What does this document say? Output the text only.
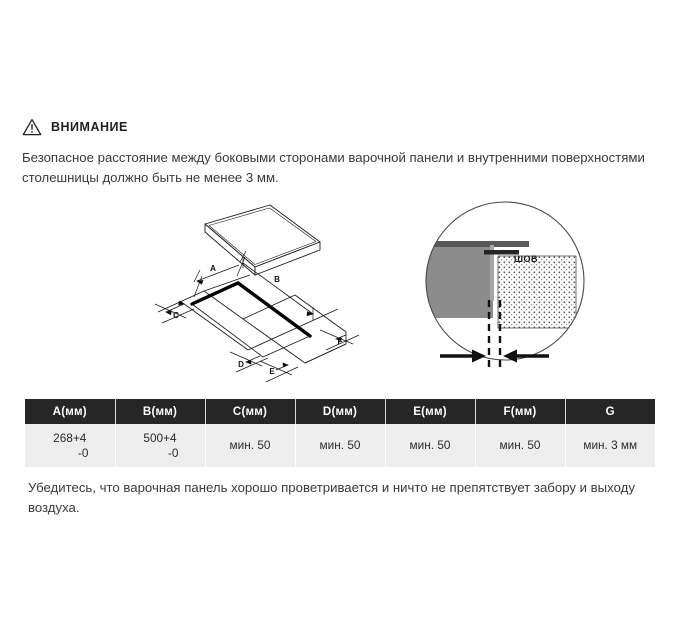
ВНИМАНИЕ
Безопасное расстояние между боковыми сторонами варочной панели и внутренними поверхностями столешницы должно быть не менее 3 мм.
A
B
C
D
E
F
ШОВ
A(мм)	B(мм)	C(мм)	D(мм)	E(мм)	F(мм)	G

268+4
-0	500+4
-0	мин. 50	мин. 50	мин. 50	мин. 50	мин. 3 мм
Убедитесь, что варочная панель хорошо проветривается и ничто не препятствует забору и выходу воздуха.
